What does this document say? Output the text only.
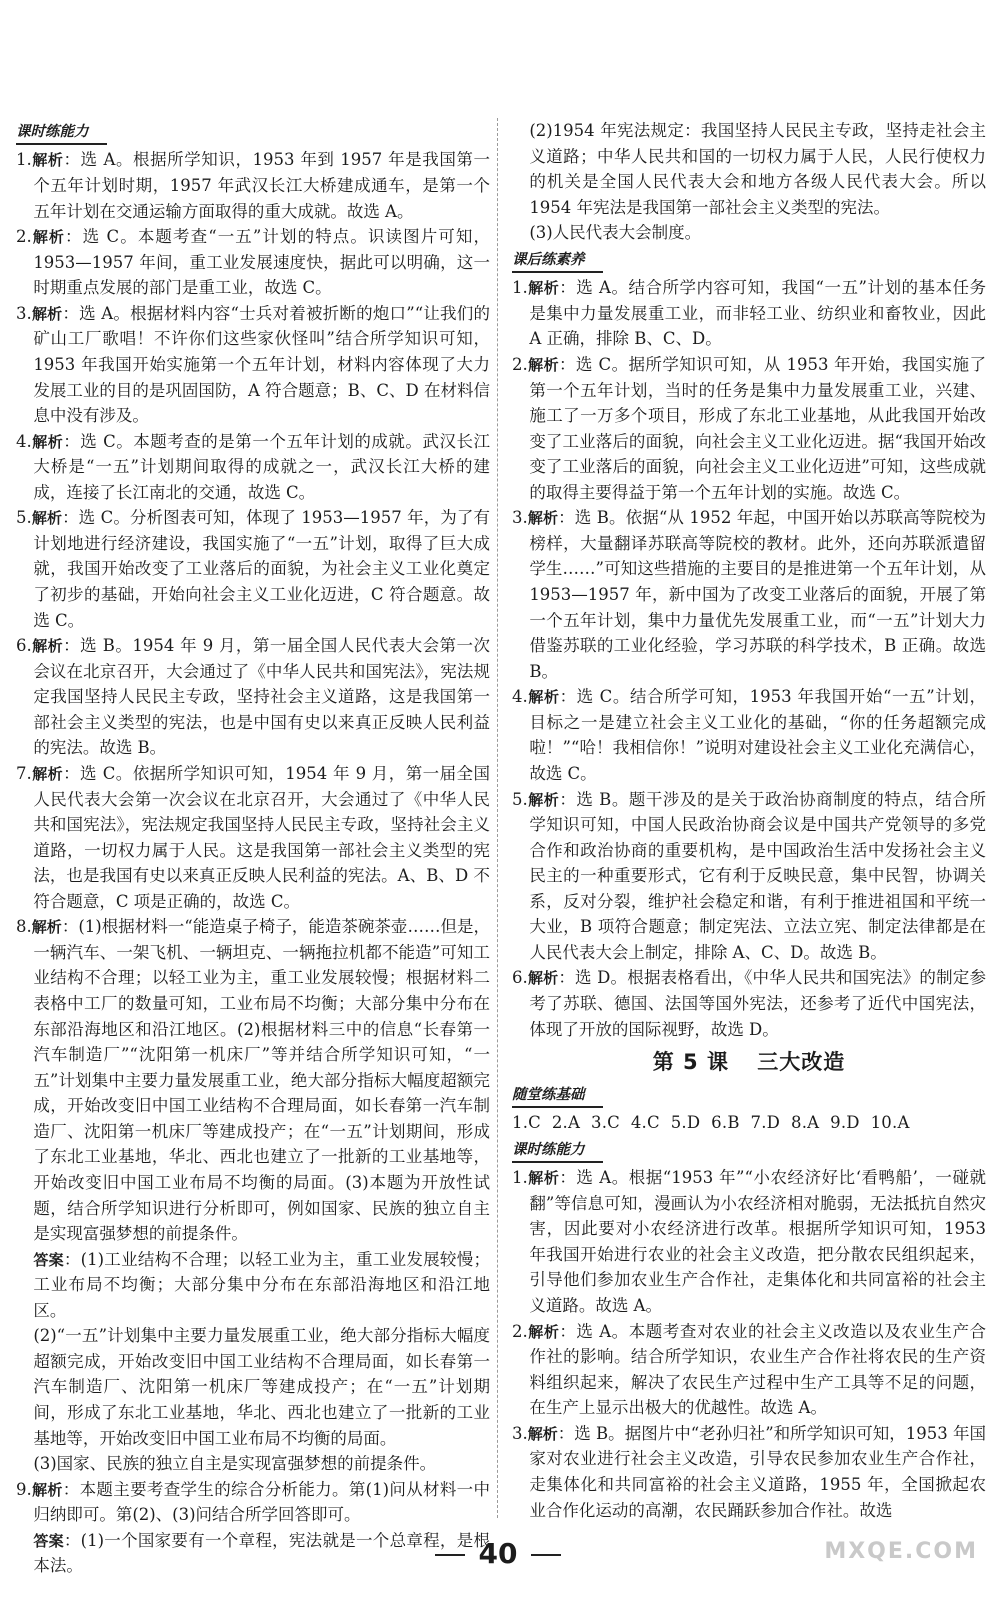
课时练能力

1.解析：选 A。根据所学知识，1953 年到 1957 年是我国第一个五年计划时期，1957 年武汉长江大桥建成通车，是第一个五年计划在交通运输方面取得的重大成就。故选 A。

2.解析：选 C。本题考查“一五”计划的特点。识读图片可知，1953—1957 年间，重工业发展速度快，据此可以明确，这一时期重点发展的部门是重工业，故选 C。

3.解析：选 A。根据材料内容“士兵对着被折断的炮口”“让我们的矿山工厂歌唱！不许你们这些家伙怪叫”结合所学知识可知，1953 年我国开始实施第一个五年计划，材料内容体现了大力发展工业的目的是巩固国防，A 符合题意；B、C、D 在材料信息中没有涉及。

4.解析：选 C。本题考查的是第一个五年计划的成就。武汉长江大桥是“一五”计划期间取得的成就之一，武汉长江大桥的建成，连接了长江南北的交通，故选 C。

5.解析：选 C。分析图表可知，体现了 1953—1957 年，为了有计划地进行经济建设，我国实施了“一五”计划，取得了巨大成就，我国开始改变了工业落后的面貌，为社会主义工业化奠定了初步的基础，开始向社会主义工业化迈进，C 符合题意。故选 C。

6.解析：选 B。1954 年 9 月，第一届全国人民代表大会第一次会议在北京召开，大会通过了《中华人民共和国宪法》，宪法规定我国坚持人民民主专政，坚持社会主义道路，这是我国第一部社会主义类型的宪法，也是中国有史以来真正反映人民利益的宪法。故选 B。

7.解析：选 C。依据所学知识可知，1954 年 9 月，第一届全国人民代表大会第一次会议在北京召开，大会通过了《中华人民共和国宪法》，宪法规定我国坚持人民民主专政，坚持社会主义道路，一切权力属于人民。这是我国第一部社会主义类型的宪法，也是我国有史以来真正反映人民利益的宪法。A、B、D 不符合题意，C 项是正确的，故选 C。

8.解析：(1)根据材料一“能造桌子椅子，能造茶碗茶壶……但是，一辆汽车、一架飞机、一辆坦克、一辆拖拉机都不能造”可知工业结构不合理；以轻工业为主，重工业发展较慢；根据材料二表格中工厂的数量可知，工业布局不均衡；大部分集中分布在东部沿海地区和沿江地区。(2)根据材料三中的信息“长春第一汽车制造厂”“沈阳第一机床厂”等并结合所学知识可知，“一五”计划集中主要力量发展重工业，绝大部分指标大幅度超额完成，开始改变旧中国工业结构不合理局面，如长春第一汽车制造厂、沈阳第一机床厂等建成投产；在“一五”计划期间，形成了东北工业基地，华北、西北也建立了一批新的工业基地等，开始改变旧中国工业布局不均衡的局面。(3)本题为开放性试题，结合所学知识进行分析即可，例如国家、民族的独立自主是实现富强梦想的前提条件。

答案：(1)工业结构不合理；以轻工业为主，重工业发展较慢；工业布局不均衡；大部分集中分布在东部沿海地区和沿江地区。

(2)“一五”计划集中主要力量发展重工业，绝大部分指标大幅度超额完成，开始改变旧中国工业结构不合理局面，如长春第一汽车制造厂、沈阳第一机床厂等建成投产；在“一五”计划期间，形成了东北工业基地，华北、西北也建立了一批新的工业基地等，开始改变旧中国工业布局不均衡的局面。

(3)国家、民族的独立自主是实现富强梦想的前提条件。

9.解析：本题主要考查学生的综合分析能力。第(1)问从材料一中归纳即可。第(2)、(3)问结合所学回答即可。

答案：(1)一个国家要有一个章程，宪法就是一个总章程，是根本法。

(2)1954 年宪法规定：我国坚持人民民主专政，坚持走社会主义道路；中华人民共和国的一切权力属于人民，人民行使权力的机关是全国人民代表大会和地方各级人民代表大会。所以 1954 年宪法是我国第一部社会主义类型的宪法。

(3)人民代表大会制度。

课后练素养

1.解析：选 A。结合所学内容可知，我国“一五”计划的基本任务是集中力量发展重工业，而非轻工业、纺织业和畜牧业，因此 A 正确，排除 B、C、D。

2.解析：选 C。据所学知识可知，从 1953 年开始，我国实施了第一个五年计划，当时的任务是集中力量发展重工业，兴建、施工了一万多个项目，形成了东北工业基地，从此我国开始改变了工业落后的面貌，向社会主义工业化迈进。据“我国开始改变了工业落后的面貌，向社会主义工业化迈进”可知，这些成就的取得主要得益于第一个五年计划的实施。故选 C。

3.解析：选 B。依据“从 1952 年起，中国开始以苏联高等院校为榜样，大量翻译苏联高等院校的教材。此外，还向苏联派遣留学生……”可知这些措施的主要目的是推进第一个五年计划，从 1953—1957 年，新中国为了改变工业落后的面貌，开展了第一个五年计划，集中力量优先发展重工业，而“一五”计划大力借鉴苏联的工业化经验，学习苏联的科学技术，B 正确。故选 B。

4.解析：选 C。结合所学可知，1953 年我国开始“一五”计划，目标之一是建立社会主义工业化的基础，“你的任务超额完成啦！”“哈！我相信你！”说明对建设社会主义工业化充满信心，故选 C。

5.解析：选 B。题干涉及的是关于政治协商制度的特点，结合所学知识可知，中国人民政治协商会议是中国共产党领导的多党合作和政治协商的重要机构，是中国政治生活中发扬社会主义民主的一种重要形式，它有利于反映民意，集中民智，协调关系，反对分裂，维护社会稳定和谐，有利于推进祖国和平统一大业，B 项符合题意；制定宪法、立法立宪、制定法律都是在人民代表大会上制定，排除 A、C、D。故选 B。

6.解析：选 D。根据表格看出，《中华人民共和国宪法》的制定参考了苏联、德国、法国等国外宪法，还参考了近代中国宪法，体现了开放的国际视野，故选 D。

第 5 课 三大改造
随堂练基础

1.C  2.A  3.C  4.C  5.D  6.B  7.D  8.A  9.D  10.A

课时练能力

1.解析：选 A。根据“1953 年”“小农经济好比‘看鸭船’，一碰就翻”等信息可知，漫画认为小农经济相对脆弱，无法抵抗自然灾害，因此要对小农经济进行改革。根据所学知识可知，1953 年我国开始进行农业的社会主义改造，把分散农民组织起来，引导他们参加农业生产合作社，走集体化和共同富裕的社会主义道路。故选 A。

2.解析：选 A。本题考查对农业的社会主义改造以及农业生产合作社的影响。结合所学知识，农业生产合作社将农民的生产资料组织起来，解决了农民生产过程中生产工具等不足的问题，在生产上显示出极大的优越性。故选 A。

3.解析：选 B。据图片中“老孙归社”和所学知识可知，1953 年国家对农业进行社会主义改造，引导农民参加农业生产合作社，走集体化和共同富裕的社会主义道路，1955 年，全国掀起农业合作化运动的高潮，农民踊跃参加合作社。故选

40	MXQE.COM
